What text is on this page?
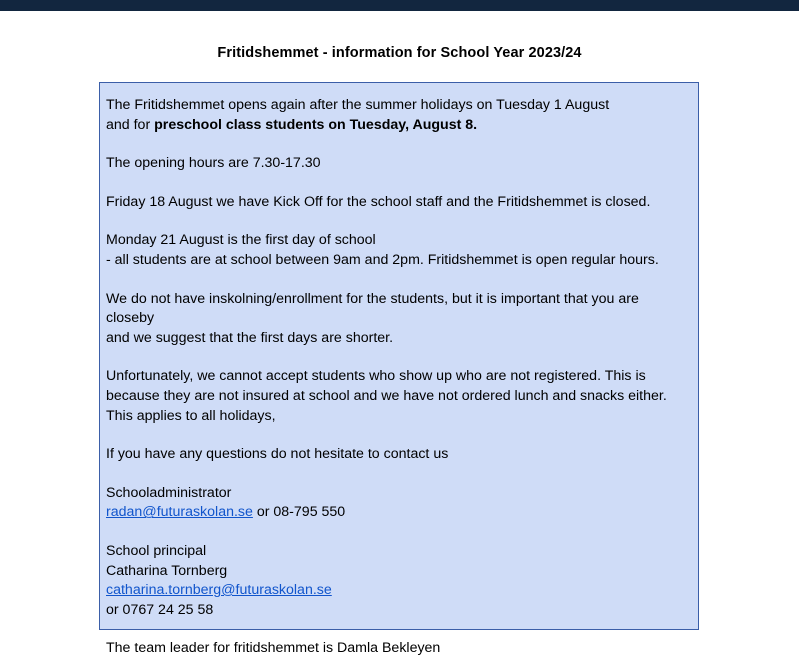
Fritidshemmet - information for School Year 2023/24

The Fritidshemmet opens again after the summer holidays on Tuesday 1 August
and for preschool class students on Tuesday, August 8.

The opening hours are 7.30-17.30

Friday 18 August we have Kick Off for the school staff and the Fritidshemmet is closed.

Monday 21 August is the first day of school
- all students are at school between 9am and 2pm. Fritidshemmet is open regular hours.

We do not have inskolning/enrollment for the students, but it is important that you are closeby
and we suggest that the first days are shorter.

Unfortunately, we cannot accept students who show up who are not registered. This is
because they are not insured at school and we have not ordered lunch and snacks either.
This applies to all holidays,

If you have any questions do not hesitate to contact us

Schooladministrator
radan@futuraskolan.se or 08-795 550

School principal
Catharina Tornberg
catharina.tornberg@futuraskolan.se
or 0767 24 25 58

The team leader for fritidshemmet is Damla Bekleyen
